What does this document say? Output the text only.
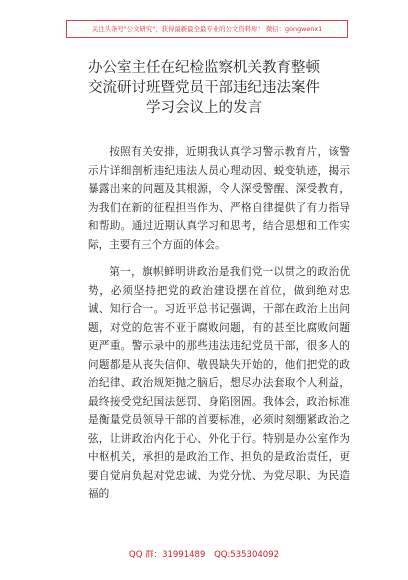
关注头条号"公文研究"，获得最新最全最专业的公文资料库！ 微信：gongwenx1
办公室主任在纪检监察机关教育整顿
交流研讨班暨党员干部违纪违法案件
学习会议上的发言

按照有关安排，近期我认真学习警示教育片，该警示片详细剖析违纪违法人员心理动因、蜕变轨迹，揭示暴露出来的问题及其根源，令人深受警醒、深受教育，为我们在新的征程担当作为、严格自律提供了有力指导和帮助。通过近期认真学习和思考，结合思想和工作实际，主要有三个方面的体会。

第一，旗帜鲜明讲政治是我们党一以贯之的政治优势，必须坚持把党的政治建设摆在首位，做到绝对忠诚、知行合一。习近平总书记强调，干部在政治上出问题，对党的危害不亚于腐败问题，有的甚至比腐败问题更严重。警示录中的那些违法违纪党员干部，很多人的问题都是从丧失信仰、敬畏缺失开始的，他们把党的政治纪律、政治规矩抛之脑后，想尽办法套取个人利益，最终接受党纪国法惩罚、身陷囹圄。我体会，政治标准是衡量党员领导干部的首要标准，必须时刻绷紧政治之弦，让讲政治内化于心、外化于行。特别是办公室作为中枢机关，承担的是政治工作、担负的是政治责任，更要自觉肩负起对党忠诚、为党分忧、为党尽职、为民造福的

QQ 群：31991489 QQ:535304092
